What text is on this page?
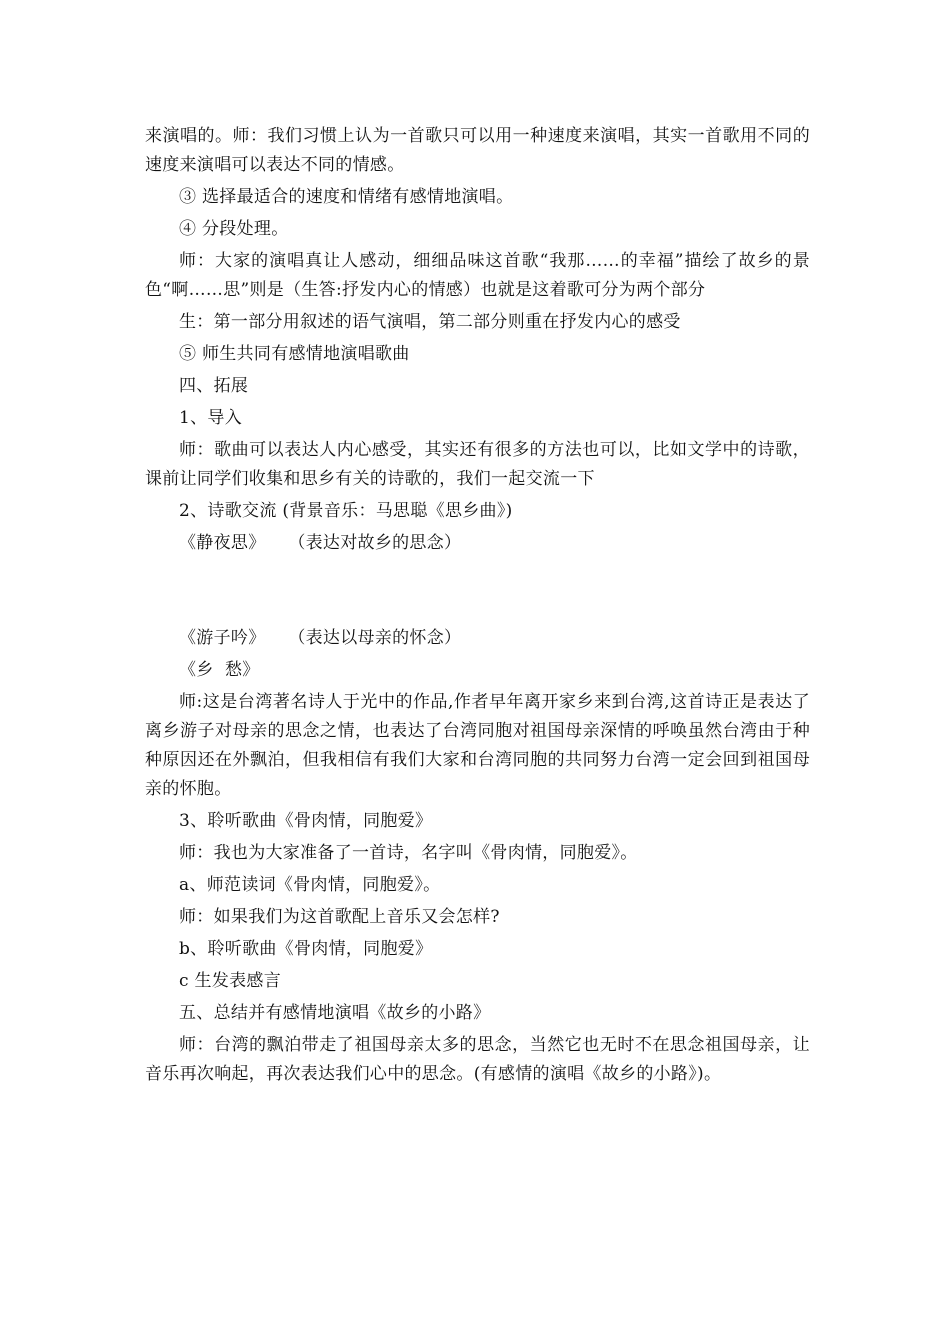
来演唱的。师：我们习惯上认为一首歌只可以用一种速度来演唱，其实一首歌用不同的速度来演唱可以表达不同的情感。

③ 选择最适合的速度和情绪有感情地演唱。

④ 分段处理。

师：大家的演唱真让人感动，细细品味这首歌“我那……的幸福”描绘了故乡的景色“啊……思”则是（生答:抒发内心的情感）也就是这着歌可分为两个部分

生：第一部分用叙述的语气演唱，第二部分则重在抒发内心的感受

⑤ 师生共同有感情地演唱歌曲

四、拓展

1、导入

师：歌曲可以表达人内心感受，其实还有很多的方法也可以，比如文学中的诗歌，课前让同学们收集和思乡有关的诗歌的，我们一起交流一下

2、诗歌交流 (背景音乐：马思聪《思乡曲》)

《静夜思》    （表达对故乡的思念）

《游子吟》    （表达以母亲的怀念）

《乡  愁》

师:这是台湾著名诗人于光中的作品,作者早年离开家乡来到台湾,这首诗正是表达了离乡游子对母亲的思念之情，也表达了台湾同胞对祖国母亲深情的呼唤虽然台湾由于种种原因还在外飘泊，但我相信有我们大家和台湾同胞的共同努力台湾一定会回到祖国母亲的怀胞。

3、聆听歌曲《骨肉情，同胞爱》

师：我也为大家准备了一首诗，名字叫《骨肉情，同胞爱》。

a、师范读词《骨肉情，同胞爱》。

师：如果我们为这首歌配上音乐又会怎样?

b、聆听歌曲《骨肉情，同胞爱》

c 生发表感言

五、总结并有感情地演唱《故乡的小路》

师：台湾的飘泊带走了祖国母亲太多的思念，当然它也无时不在思念祖国母亲，让音乐再次响起，再次表达我们心中的思念。(有感情的演唱《故乡的小路》)。
